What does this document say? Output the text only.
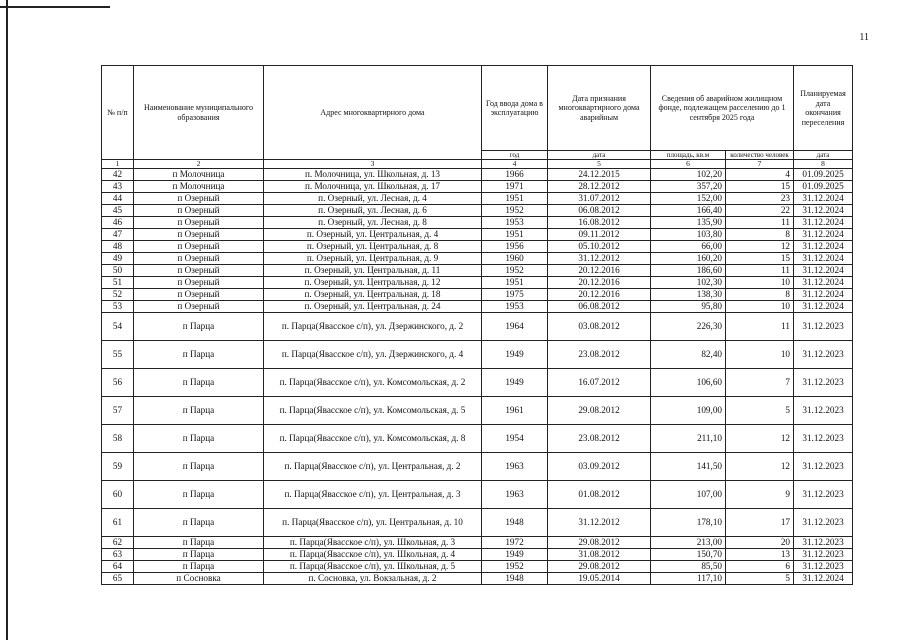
11
№ п/п	Наименование муниципального образования	Адрес многоквартирного дома	Год ввода дома в эксплуатацию	Дата признания многоквартирного дома аварийным	Сведения об аварийном жилищном фонде, подлежащем расселению до 1 сентября 2025 года		Планируемая дата окончания переселения
			год	дата	площадь, кв.м	количество человек	дата
1	2	3	4	5	6	7	8
42	п Молочница	п. Молочница, ул. Школьная, д. 13	1966	24.12.2015	102,20	4	01.09.2025
43	п Молочница	п. Молочница, ул. Школьная, д. 17	1971	28.12.2012	357,20	15	01.09.2025
44	п Озерный	п. Озерный, ул. Лесная, д. 4	1951	31.07.2012	152,00	23	31.12.2024
45	п Озерный	п. Озерный, ул. Лесная, д. 6	1952	06.08.2012	166,40	22	31.12.2024
46	п Озерный	п. Озерный, ул. Лесная, д. 8	1953	16.08.2012	135,90	11	31.12.2024
47	п Озерный	п. Озерный, ул. Центральная, д. 4	1951	09.11.2012	103,80	8	31.12.2024
48	п Озерный	п. Озерный, ул. Центральная, д. 8	1956	05.10.2012	66,00	12	31.12.2024
49	п Озерный	п. Озерный, ул. Центральная, д. 9	1960	31.12.2012	160,20	15	31.12.2024
50	п Озерный	п. Озерный, ул. Центральная, д. 11	1952	20.12.2016	186,60	11	31.12.2024
51	п Озерный	п. Озерный, ул. Центральная, д. 12	1951	20.12.2016	102,30	10	31.12.2024
52	п Озерный	п. Озерный, ул. Центральная, д. 18	1975	20.12.2016	138,30	8	31.12.2024
53	п Озерный	п. Озерный, ул. Центральная, д. 24	1953	06.08.2012	95,80	10	31.12.2024
54	п Парца	п. Парца(Явасское с/п), ул. Дзержинского, д. 2	1964	03.08.2012	226,30	11	31.12.2023
55	п Парца	п. Парца(Явасское с/п), ул. Дзержинского, д. 4	1949	23.08.2012	82,40	10	31.12.2023
56	п Парца	п. Парца(Явасское с/п), ул. Комсомольская, д. 2	1949	16.07.2012	106,60	7	31.12.2023
57	п Парца	п. Парца(Явасское с/п), ул. Комсомольская, д. 5	1961	29.08.2012	109,00	5	31.12.2023
58	п Парца	п. Парца(Явасское с/п), ул. Комсомольская, д. 8	1954	23.08.2012	211,10	12	31.12.2023
59	п Парца	п. Парца(Явасское с/п), ул. Центральная, д. 2	1963	03.09.2012	141,50	12	31.12.2023
60	п Парца	п. Парца(Явасское с/п), ул. Центральная, д. 3	1963	01.08.2012	107,00	9	31.12.2023
61	п Парца	п. Парца(Явасское с/п), ул. Центральная, д. 10	1948	31.12.2012	178,10	17	31.12.2023
62	п Парца	п. Парца(Явасское с/п), ул. Школьная, д. 3	1972	29.08.2012	213,00	20	31.12.2023
63	п Парца	п. Парца(Явасское с/п), ул. Школьная, д. 4	1949	31.08.2012	150,70	13	31.12.2023
64	п Парца	п. Парца(Явасское с/п), ул. Школьная, д. 5	1952	29.08.2012	85,50	6	31.12.2023
65	п Сосновка	п. Сосновка, ул. Вокзальная, д. 2	1948	19.05.2014	117,10	5	31.12.2024
